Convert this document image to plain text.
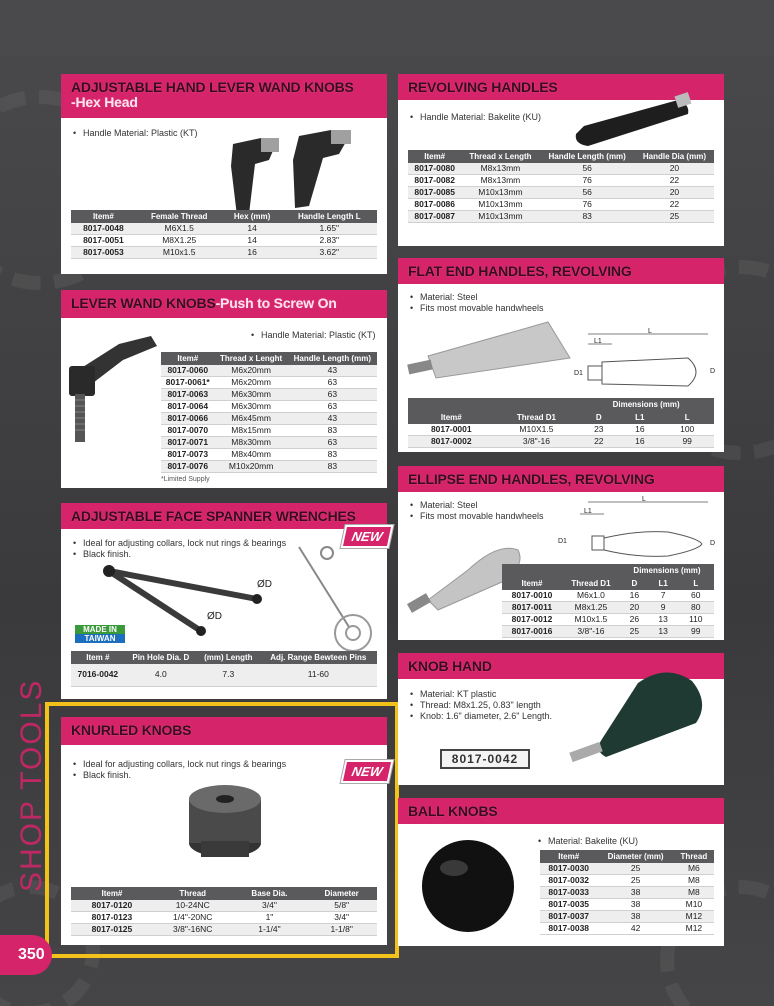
SHOP TOOLS
ADJUSTABLE HAND LEVER WAND KNOBS
-Hex Head
• Handle Material: Plastic (KT)
Item#	Female Thread	Hex (mm)	Handle Length L
8017-0048	M6X1.5	14	1.65"
8017-0051	M8X1.25	14	2.83"
8017-0053	M10x1.5	16	3.62"
LEVER WAND KNOBS-Push to Screw On
• Handle Material: Plastic (KT)
Item#	Thread x Lenght	Handle Length (mm)
8017-0060	M6x20mm	43
8017-0061*	M6x20mm	63
8017-0063	M6x30mm	63
8017-0064	M6x30mm	63
8017-0066	M6x45mm	43
8017-0070	M8x15mm	83
8017-0071	M8x30mm	63
8017-0073	M8x40mm	83
8017-0076	M10x20mm	83
*Limited Supply
ADJUSTABLE FACE SPANNER WRENCHES
• Ideal for adjusting collars, lock nut rings & bearings
• Black finish.
ØD
ØD
MADE IN
TAIWAN
Item #	Pin Hole Dia. D	(mm) Length	Adj. Range Bewteen Pins
7016-0042	4.0	7.3	11-60
NEW
KNURLED KNOBS
• Ideal for adjusting collars, lock nut rings & bearings
• Black finish.
Item#	Thread	Base Dia.	Diameter
8017-0120	10-24NC	3/4"	5/8"
8017-0123	1/4"-20NC	1"	3/4"
8017-0125	3/8"-16NC	1-1/4"	1-1/8"
NEW
REVOLVING HANDLES
• Handle Material: Bakelite (KU)
Item#	Thread x Length	Handle Length (mm)	Handle Dia (mm)
8017-0080	M8x13mm	56	20
8017-0082	M8x13mm	76	22
8017-0085	M10x13mm	56	20
8017-0086	M10x13mm	76	22
8017-0087	M10x13mm	83	25
FLAT END HANDLES, REVOLVING
• Material: Steel
• Fits most movable handwheels
L
L1
D1	D
Item#	Thread D1	Dimensions (mm)		
		D	L1	L
8017-0001	M10X1.5	23	16	100
8017-0002	3/8"-16	22	16	99
ELLIPSE END HANDLES, REVOLVING
• Material: Steel
• Fits most movable handwheels
L
L1
D1	D
Item#	Thread D1	Dimensions (mm)		
		D	L1	L
8017-0010	M6x1.0	16	7	60
8017-0011	M8x1.25	20	9	80
8017-0012	M10x1.5	26	13	110
8017-0016	3/8"-16	25	13	99
KNOB HAND
• Material: KT plastic
• Thread: M8x1.25, 0.83" length
• Knob: 1.6" diameter, 2.6" Length.
8017-0042
BALL KNOBS
• Material: Bakelite (KU)
Item#	Diameter (mm)	Thread
8017-0030	25	M6
8017-0032	25	M8
8017-0033	38	M8
8017-0035	38	M10
8017-0037	38	M12
8017-0038	42	M12
350
